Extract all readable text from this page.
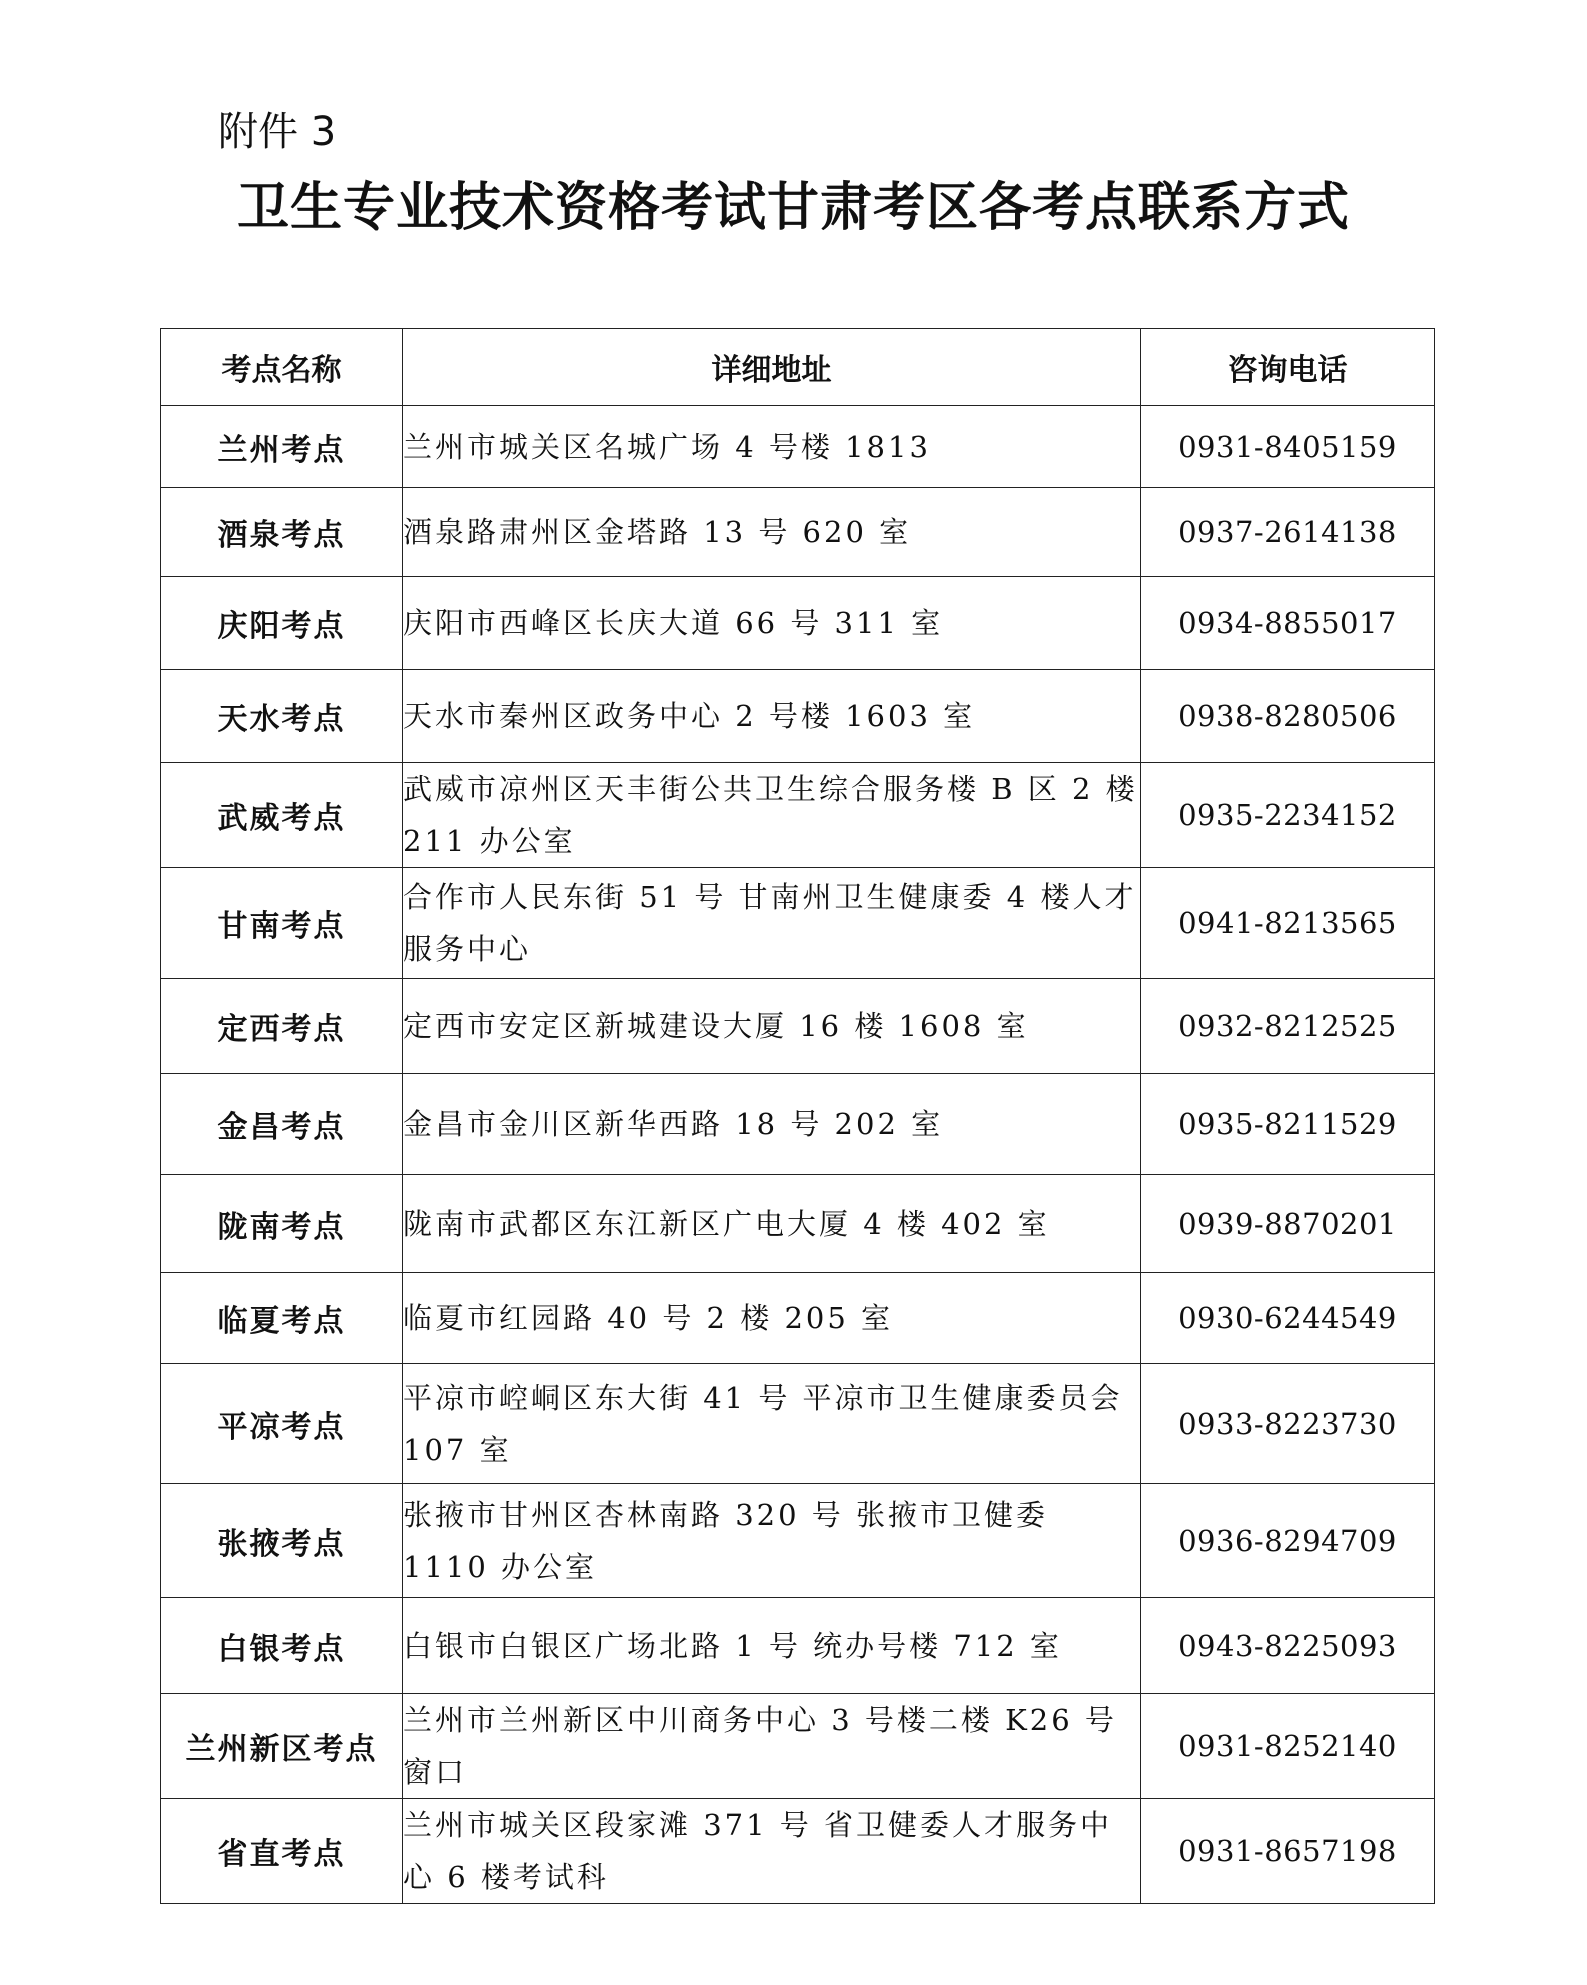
附件 3
卫生专业技术资格考试甘肃考区各考点联系方式
考点名称	详细地址	咨询电话
兰州考点	兰州市城关区名城广场 4 号楼 1813	0931-8405159
酒泉考点	酒泉路肃州区金塔路 13 号 620 室	0937-2614138
庆阳考点	庆阳市西峰区长庆大道 66 号 311 室	0934-8855017
天水考点	天水市秦州区政务中心 2 号楼 1603 室	0938-8280506
武威考点	武威市凉州区天丰街公共卫生综合服务楼 B 区 2 楼 211 办公室	0935-2234152
甘南考点	合作市人民东街 51 号 甘南州卫生健康委 4 楼人才服务中心	0941-8213565
定西考点	定西市安定区新城建设大厦 16 楼 1608 室	0932-8212525
金昌考点	金昌市金川区新华西路 18 号 202 室	0935-8211529
陇南考点	陇南市武都区东江新区广电大厦 4 楼 402 室	0939-8870201
临夏考点	临夏市红园路 40 号 2 楼 205 室	0930-6244549
平凉考点	平凉市崆峒区东大街 41 号 平凉市卫生健康委员会 107 室	0933-8223730
张掖考点	张掖市甘州区杏林南路 320 号 张掖市卫健委 1110 办公室	0936-8294709
白银考点	白银市白银区广场北路 1 号 统办号楼 712 室	0943-8225093
兰州新区考点	兰州市兰州新区中川商务中心 3 号楼二楼 K26 号窗口	0931-8252140
省直考点	兰州市城关区段家滩 371 号 省卫健委人才服务中心 6 楼考试科	0931-8657198
